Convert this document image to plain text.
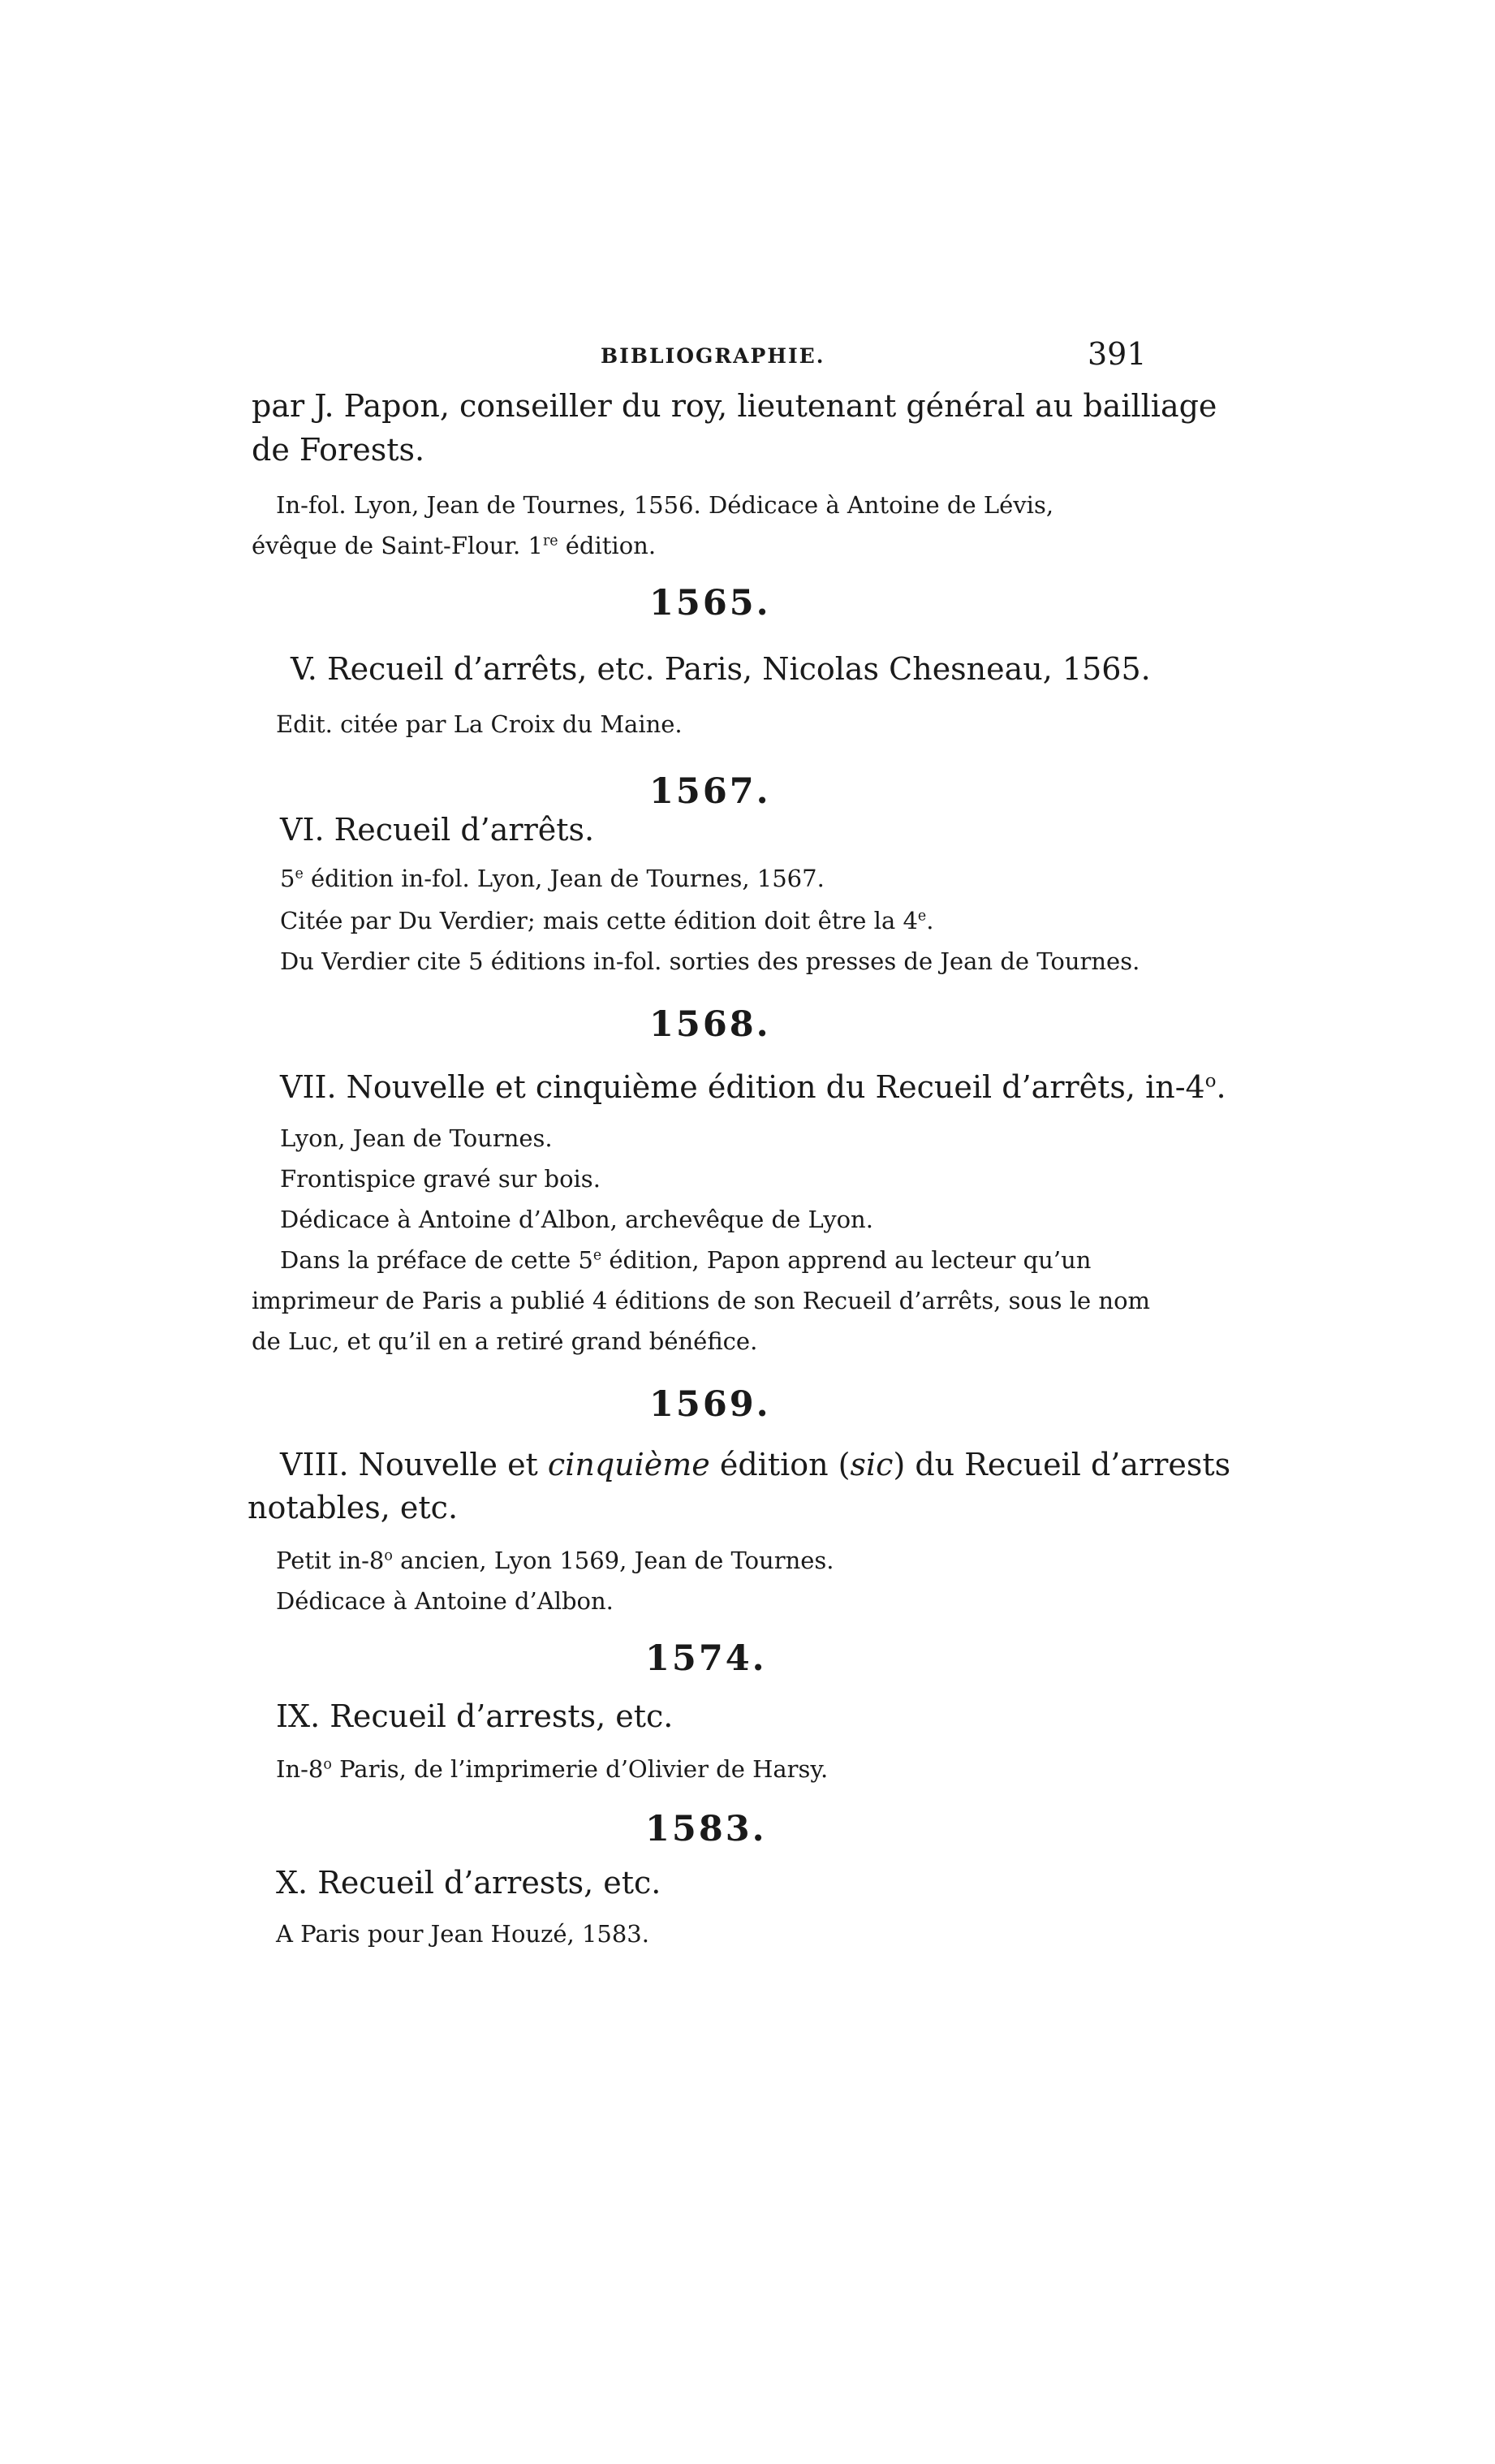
BIBLIOGRAPHIE.	391
par J. Papon, conseiller du roy, lieutenant général au bailliage
de Forests.
In-fol. Lyon, Jean de Tournes, 1556. Dédicace à Antoine de Lévis,
évêque de Saint-Flour. 1re édition.
1565.
V. Recueil d’arrêts, etc. Paris, Nicolas Chesneau, 1565.
Edit. citée par La Croix du Maine.
1567.
VI. Recueil d’arrêts.
5e édition in-fol. Lyon, Jean de Tournes, 1567.
Citée par Du Verdier; mais cette édition doit être la 4e.
Du Verdier cite 5 éditions in-fol. sorties des presses de Jean de Tournes.
1568.
VII. Nouvelle et cinquième édition du Recueil d’arrêts, in-4$^o$.
Lyon, Jean de Tournes.
Frontispice gravé sur bois.
Dédicace à Antoine d’Albon, archevêque de Lyon.
Dans la préface de cette 5e édition, Papon apprend au lecteur qu’un
imprimeur de Paris a publié 4 éditions de son Recueil d’arrêts, sous le nom
de Luc, et qu’il en a retiré grand bénéfice.
1569.
VIII. Nouvelle et cinquième édition (sic) du Recueil d’arrests
notables, etc.
Petit in-8$^o$ ancien, Lyon 1569, Jean de Tournes.
Dédicace à Antoine d’Albon.
1574.
IX. Recueil d’arrests, etc.
In-8$^o$ Paris, de l’imprimerie d’Olivier de Harsy.
1583.
X. Recueil d’arrests, etc.
A Paris pour Jean Houzé, 1583.
